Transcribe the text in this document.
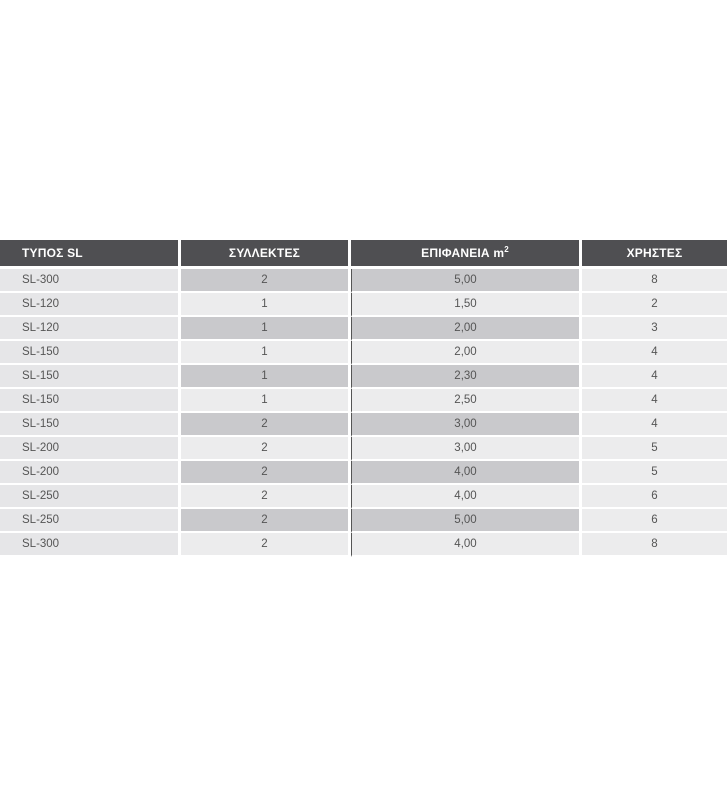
ΤΥΠΟΣ SL	ΣΥΛΛΕΚΤΕΣ	ΕΠΙΦΑΝΕΙΑ $m^2$	ΧΡΗΣΤΕΣ
SL-300	2	5,00	8
SL-120	1	1,50	2
SL-120	1	2,00	3
SL-150	1	2,00	4
SL-150	1	2,30	4
SL-150	1	2,50	4
SL-150	2	3,00	4
SL-200	2	3,00	5
SL-200	2	4,00	5
SL-250	2	4,00	6
SL-250	2	5,00	6
SL-300	2	4,00	8
